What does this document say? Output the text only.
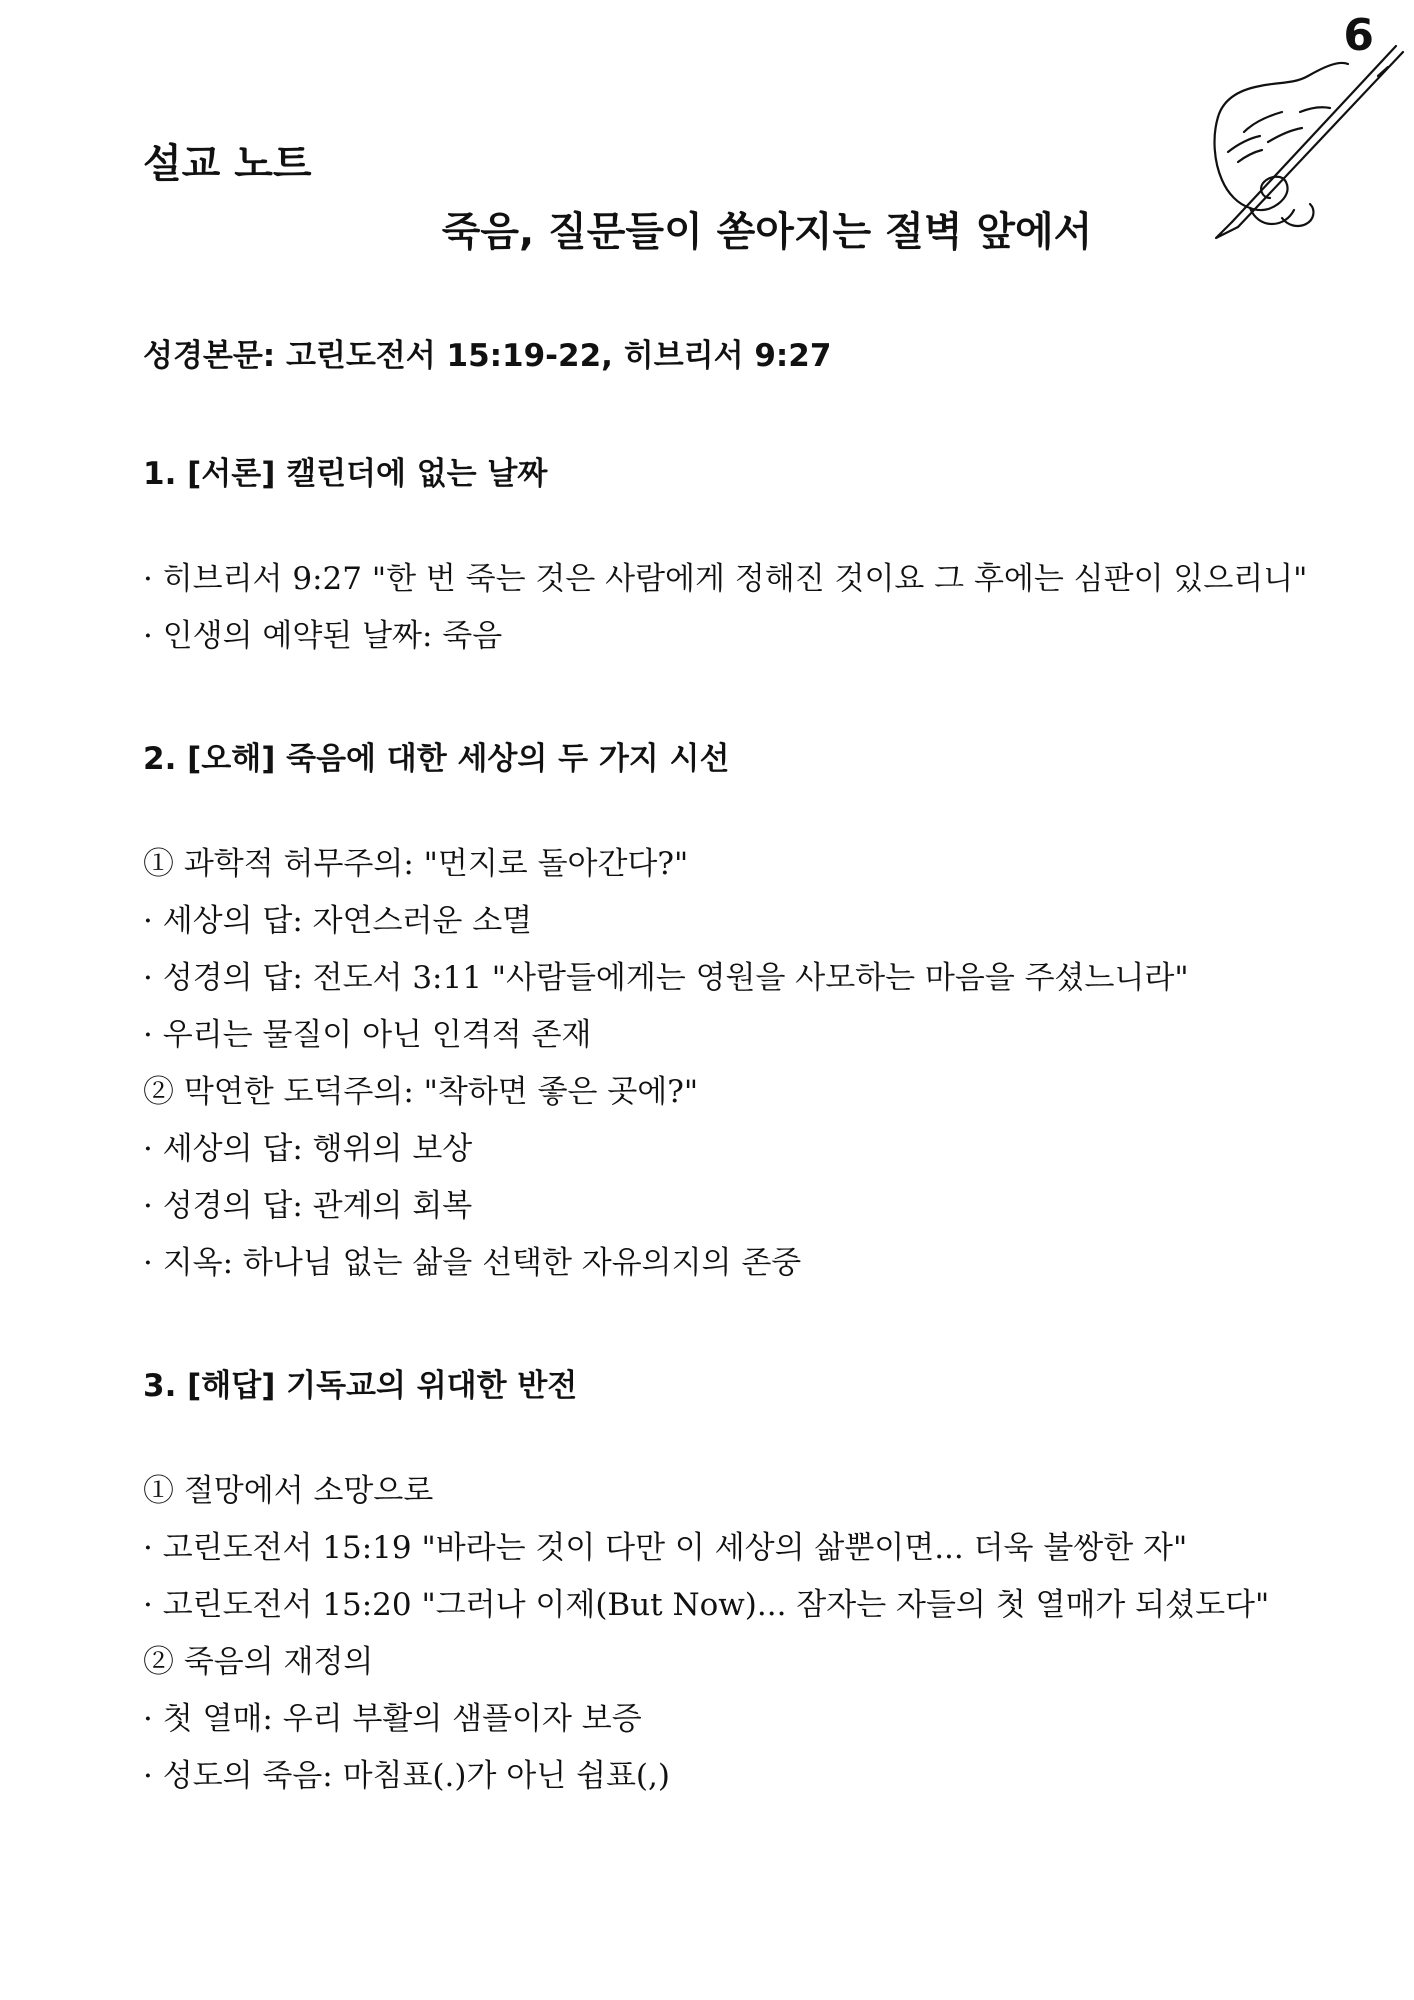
6
설교 노트
죽음, 질문들이 쏟아지는 절벽 앞에서
성경본문: 고린도전서 15:19-22, 히브리서 9:27
1. [서론] 캘린더에 없는 날짜
· 히브리서 9:27 "한 번 죽는 것은 사람에게 정해진 것이요 그 후에는 심판이 있으리니"
· 인생의 예약된 날짜: 죽음
2. [오해] 죽음에 대한 세상의 두 가지 시선
① 과학적 허무주의: "먼지로 돌아간다?"
· 세상의 답: 자연스러운 소멸
· 성경의 답: 전도서 3:11 "사람들에게는 영원을 사모하는 마음을 주셨느니라"
· 우리는 물질이 아닌 인격적 존재
② 막연한 도덕주의: "착하면 좋은 곳에?"
· 세상의 답: 행위의 보상
· 성경의 답: 관계의 회복
· 지옥: 하나님 없는 삶을 선택한 자유의지의 존중
3. [해답] 기독교의 위대한 반전
① 절망에서 소망으로
· 고린도전서 15:19 "바라는 것이 다만 이 세상의 삶뿐이면... 더욱 불쌍한 자"
· 고린도전서 15:20 "그러나 이제(But Now)... 잠자는 자들의 첫 열매가 되셨도다"
② 죽음의 재정의
· 첫 열매: 우리 부활의 샘플이자 보증
· 성도의 죽음: 마침표(.)가 아닌 쉼표(,)
